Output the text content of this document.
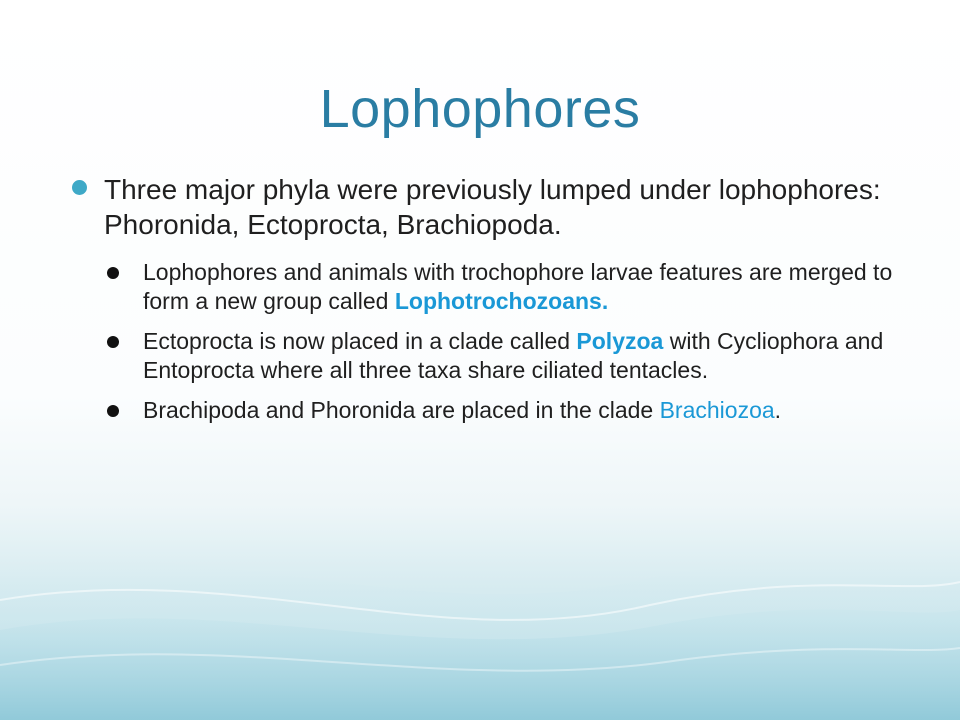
Lophophores
Three major phyla were previously lumped under lophophores: Phoronida, Ectoprocta, Brachiopoda.
Lophophores and animals with trochophore larvae features are merged to form a new group called Lophotrochozoans.
Ectoprocta is now placed in a clade called Polyzoa with Cycliophora and Entoprocta where all three taxa share ciliated tentacles.
Brachipoda and Phoronida are placed in the clade Brachiozoa.
